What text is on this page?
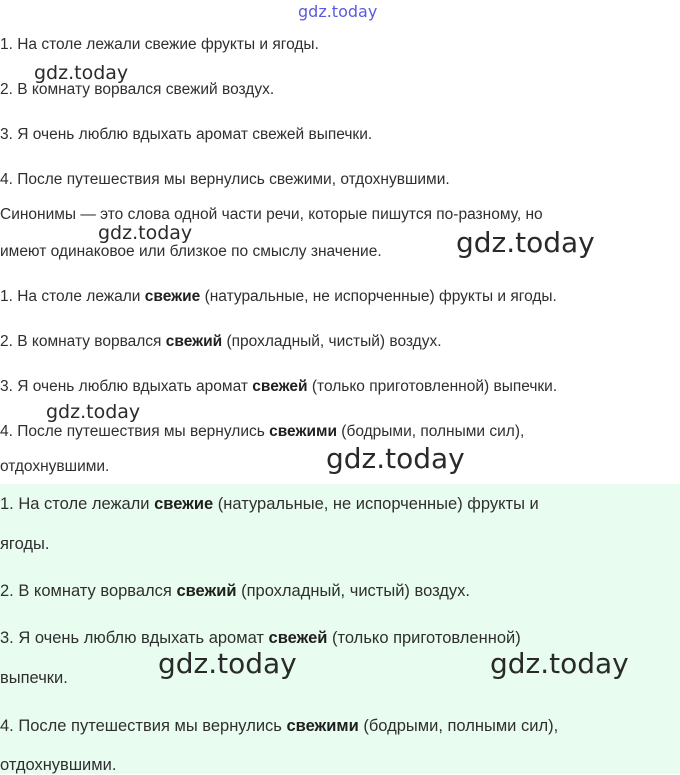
gdz.today
gdz.today
gdz.today	gdz.today
gdz.today
gdz.today
1. На столе лежали свежие фрукты и ягоды.
2. В комнату ворвался свежий воздух.
3. Я очень люблю вдыхать аромат свежей выпечки.
4. После путешествия мы вернулись свежими, отдохнувшими.
Синонимы — это слова одной части речи, которые пишутся по-разному, но
имеют одинаковое или близкое по смыслу значение.
1. На столе лежали свежие (натуральные, не испорченные) фрукты и ягоды.
2. В комнату ворвался свежий (прохладный, чистый) воздух.
3. Я очень люблю вдыхать аромат свежей (только приготовленной) выпечки.
4. После путешествия мы вернулись свежими (бодрыми, полными сил),
отдохнувшими.
1. На столе лежали свежие (натуральные, не испорченные) фрукты и
ягоды.
2. В комнату ворвался свежий (прохладный, чистый) воздух.
3. Я очень люблю вдыхать аромат свежей (только приготовленной)
выпечки.
4. После путешествия мы вернулись свежими (бодрыми, полными сил),
отдохнувшими.
gdz.today	gdz.today
